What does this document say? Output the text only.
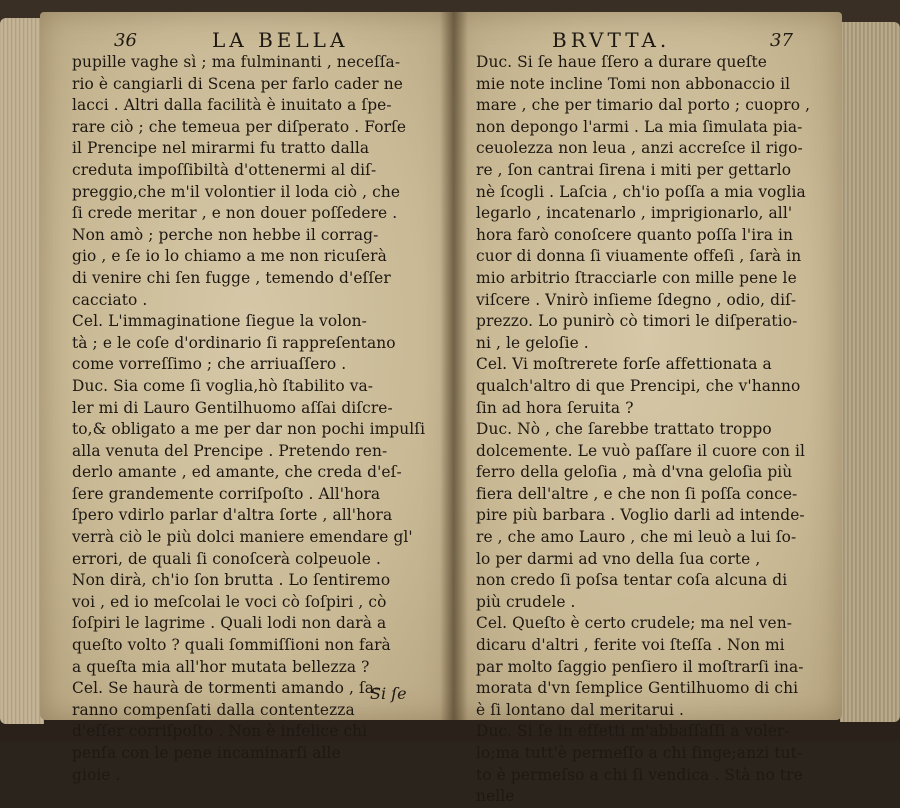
36	LA BELLA
pupille vaghe sì ; ma fulminanti , neceſſa-
rio è cangiarli di Scena per farlo cader ne
lacci . Altri dalla facilità è inuitato a ſpe-
rare ciò ; che temeua per diſperato . Forſe
il Prencipe nel mirarmi fu tratto dalla
creduta impoſſibiltà d'ottenermi al diſ-
preggio,che m'il volontier il loda ciò , che
ſi crede meritar , e non douer poſſedere .
Non amò ; perche non hebbe il corrag-
gio , e ſe io lo chiamo a me non ricuſerà
di venire chi ſen fugge , temendo d'eſſer
cacciato .
Cel. L'immaginatione ſiegue la volon-
tà ; e le coſe d'ordinario ſi rappreſentano
come vorreſſimo ; che arriuaſſero .
Duc. Sia come ſi voglia,hò ſtabilito va-
ler mi di Lauro Gentilhuomo aſſai diſcre-
to,& obligato a me per dar non pochi impulſi
alla venuta del Prencipe . Pretendo ren-
derlo amante , ed amante, che creda d'eſ-
ſere grandemente corriſpoſto . All'hora
ſpero vdirlo parlar d'altra ſorte , all'hora
verrà ciò le più dolci maniere emendare gl'
errori, de quali ſi conoſcerà colpeuole .
Non dirà, ch'io ſon brutta . Lo ſentiremo
voi , ed io meſcolai le voci cò ſoſpiri , cò
ſoſpiri le lagrime . Quali lodi non darà a
queſto volto ? quali ſommiſſioni non farà
a queſta mia all'hor mutata bellezza ?
Cel. Se haurà de tormenti amando , ſa-
ranno compenſati dalla contentezza
d'eſſer corriſpoſto . Non è infelice chi
penſa con le pene incaminarſi alle
gioie .
Si ſe
BRVTTA.	37
Duc. Si ſe haue ſſero a durare queſte
mie note incline Tomi non abbonaccio il
mare , che per timario dal porto ; cuopro ,
non depongo l'armi . La mia ſimulata pia-
ceuolezza non leua , anzi accreſce il rigo-
re , ſon cantrai ſirena i miti per gettarlo
nè ſcogli . Laſcia , ch'io poſſa a mia voglia
legarlo , incatenarlo , imprigionarlo, all'
hora farò conoſcere quanto poſſa l'ira in
cuor di donna ſi viuamente offeſi , ſarà in
mio arbitrio ſtracciarle con mille pene le
viſcere . Vnirò inſieme ſdegno , odio, diſ-
prezzo. Lo punirò cò timori le diſperatio-
ni , le geloſie .
Cel. Vi moſtrerete forſe affettionata a
qualch'altro di que Prencipi, che v'hanno
ſin ad hora ſeruita ?
Duc. Nò , che ſarebbe trattato troppo
dolcemente. Le vuò paſſare il cuore con il
ferro della geloſia , mà d'vna geloſia più
fiera dell'altre , e che non ſi poſſa conce-
pire più barbara . Voglio darli ad intende-
re , che amo Lauro , che mi leuò a lui ſo-
lo per darmi ad vno della ſua corte ,
non credo ſi poſsa tentar coſa alcuna di
più crudele .
Cel. Queſto è certo crudele; ma nel ven-
dicaru d'altri , ferite voi ſteſſa . Non mi
par molto ſaggio penſiero il moſtrarſi ina-
morata d'vn ſemplice Gentilhuomo di chi
è ſi lontano dal meritarui .
Duc. Si ſe in effetti m'abbaſſaſſi a voler-
lo;ma tutt'è permeſſo a chi finge;anzi tut-
to è permeſso a chi ſi vendica . Stà no tre
nelle
